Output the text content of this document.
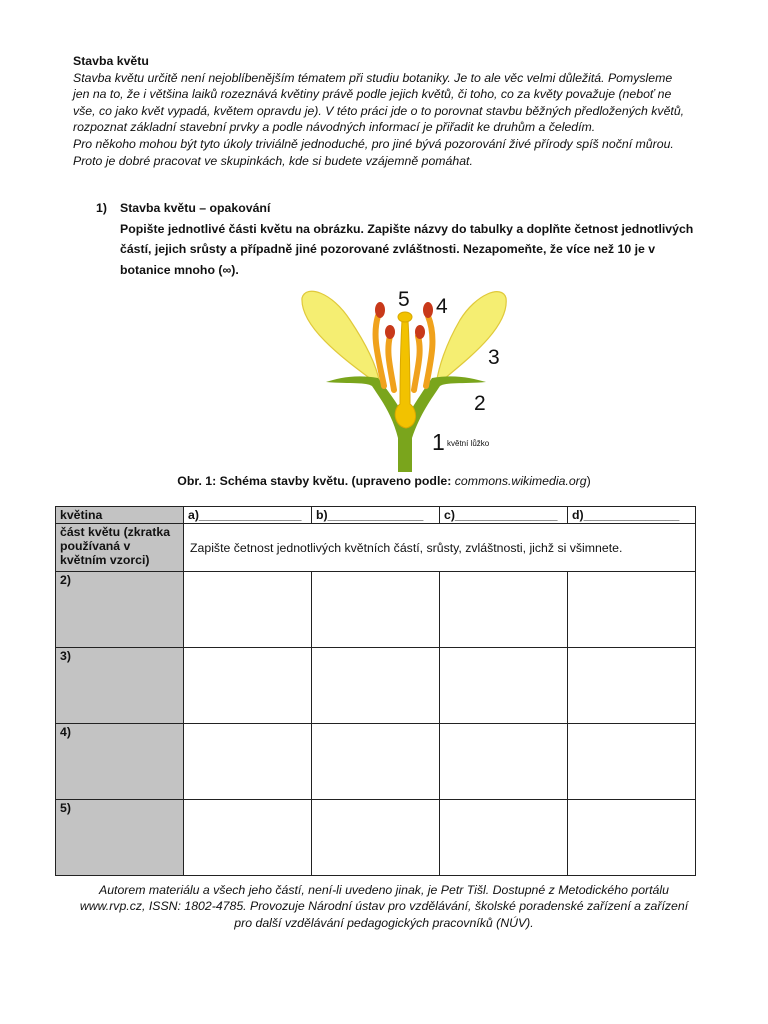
Stavba květu

Stavba květu určitě není nejoblíbenějším tématem při studiu botaniky. Je to ale věc velmi důležitá. Pomysleme jen na to, že i většina laiků rozeznává květiny právě podle jejich květů, či toho, co za květy považuje (neboť ne vše, co jako květ vypadá, květem opravdu je). V této práci jde o to porovnat stavbu běžných předložených květů, rozpoznat základní stavební prvky a podle návodných informací je přiřadit ke druhům a čeledím.

Pro někoho mohou být tyto úkoly triviálně jednoduché, pro jiné bývá pozorování živé přírody spíš noční můrou. Proto je dobré pracovat ve skupinkách, kde si budete vzájemně pomáhat.

1) Stavba květu – opakování
Popište jednotlivé části květu na obrázku. Zapište názvy do tabulky a doplňte četnost jednotlivých částí, jejich srůsty a případně jiné pozorované zvláštnosti. Nezapomeňte, že více než 10 je v botanice mnoho (∞).
5 4
3
2
1 květní lůžko
Obr. 1: Schéma stavby květu. (upraveno podle: commons.wikimedia.org)
květina	a)_______________	b)______________	c)_______________	d)______________
část květu (zkratka používaná v květním vzorci)	Zapište četnost jednotlivých květních částí, srůsty, zvláštnosti, jichž si všimnete.			
2)				
3)				
4)				
5)				
Autorem materiálu a všech jeho částí, není-li uvedeno jinak, je Petr Tišl. Dostupné z Metodického portálu www.rvp.cz, ISSN: 1802-4785. Provozuje Národní ústav pro vzdělávání, školské poradenské zařízení a zařízení pro další vzdělávání pedagogických pracovníků (NÚV).
